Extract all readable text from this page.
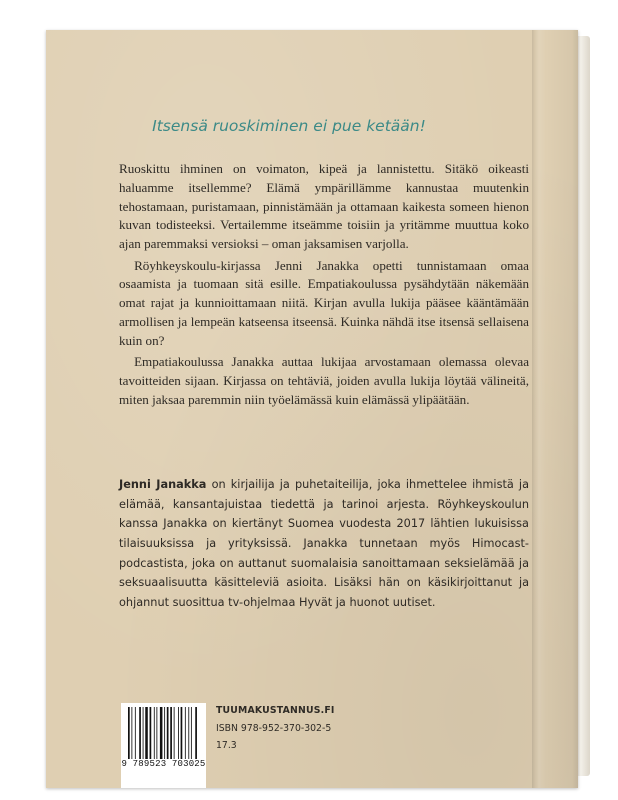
Itsensä ruoskiminen ei pue ketään!

Ruoskittu ihminen on voimaton, kipeä ja lannistettu. Sitäkö oikeasti haluamme itsellemme? Elämä ympärillämme kannustaa muutenkin tehostamaan, puristamaan, pinnistämään ja ottamaan kaikesta someen hienon kuvan todisteeksi. Vertailemme itseämme toisiin ja yritämme muuttua koko ajan paremmaksi versioksi – oman jaksamisen varjolla.

Röyhkeyskoulu-kirjassa Jenni Janakka opetti tunnistamaan omaa osaamista ja tuomaan sitä esille. Empatiakoulussa pysähdytään näkemään omat rajat ja kunnioittamaan niitä. Kirjan avulla lukija pääsee kääntämään armollisen ja lempeän katseensa itseensä. Kuinka nähdä itse itsensä sellaisena kuin on?

Empatiakoulussa Janakka auttaa lukijaa arvostamaan olemassa olevaa tavoitteiden sijaan. Kirjassa on tehtäviä, joiden avulla lukija löytää välineitä, miten jaksaa paremmin niin työelämässä kuin elämässä ylipäätään.

Jenni Janakka on kirjailija ja puhetaiteilija, joka ihmettelee ihmistä ja elämää, kansantajuistaa tiedettä ja tarinoi arjesta. Röyhkeyskoulun kanssa Janakka on kiertänyt Suomea vuodesta 2017 lähtien lukuisissa tilaisuuksissa ja yrityksissä. Janakka tunnetaan myös Himocast-podcastista, joka on auttanut suomalaisia sanoittamaan seksielämää ja seksuaalisuutta käsitteleviä asioita. Lisäksi hän on käsikirjoittanut ja ohjannut suosittua tv-ohjelmaa Hyvät ja huonot uutiset.

9 789523 703025
TUUMAKUSTANNUS.FI
ISBN 978-952-370-302-5
17.3
